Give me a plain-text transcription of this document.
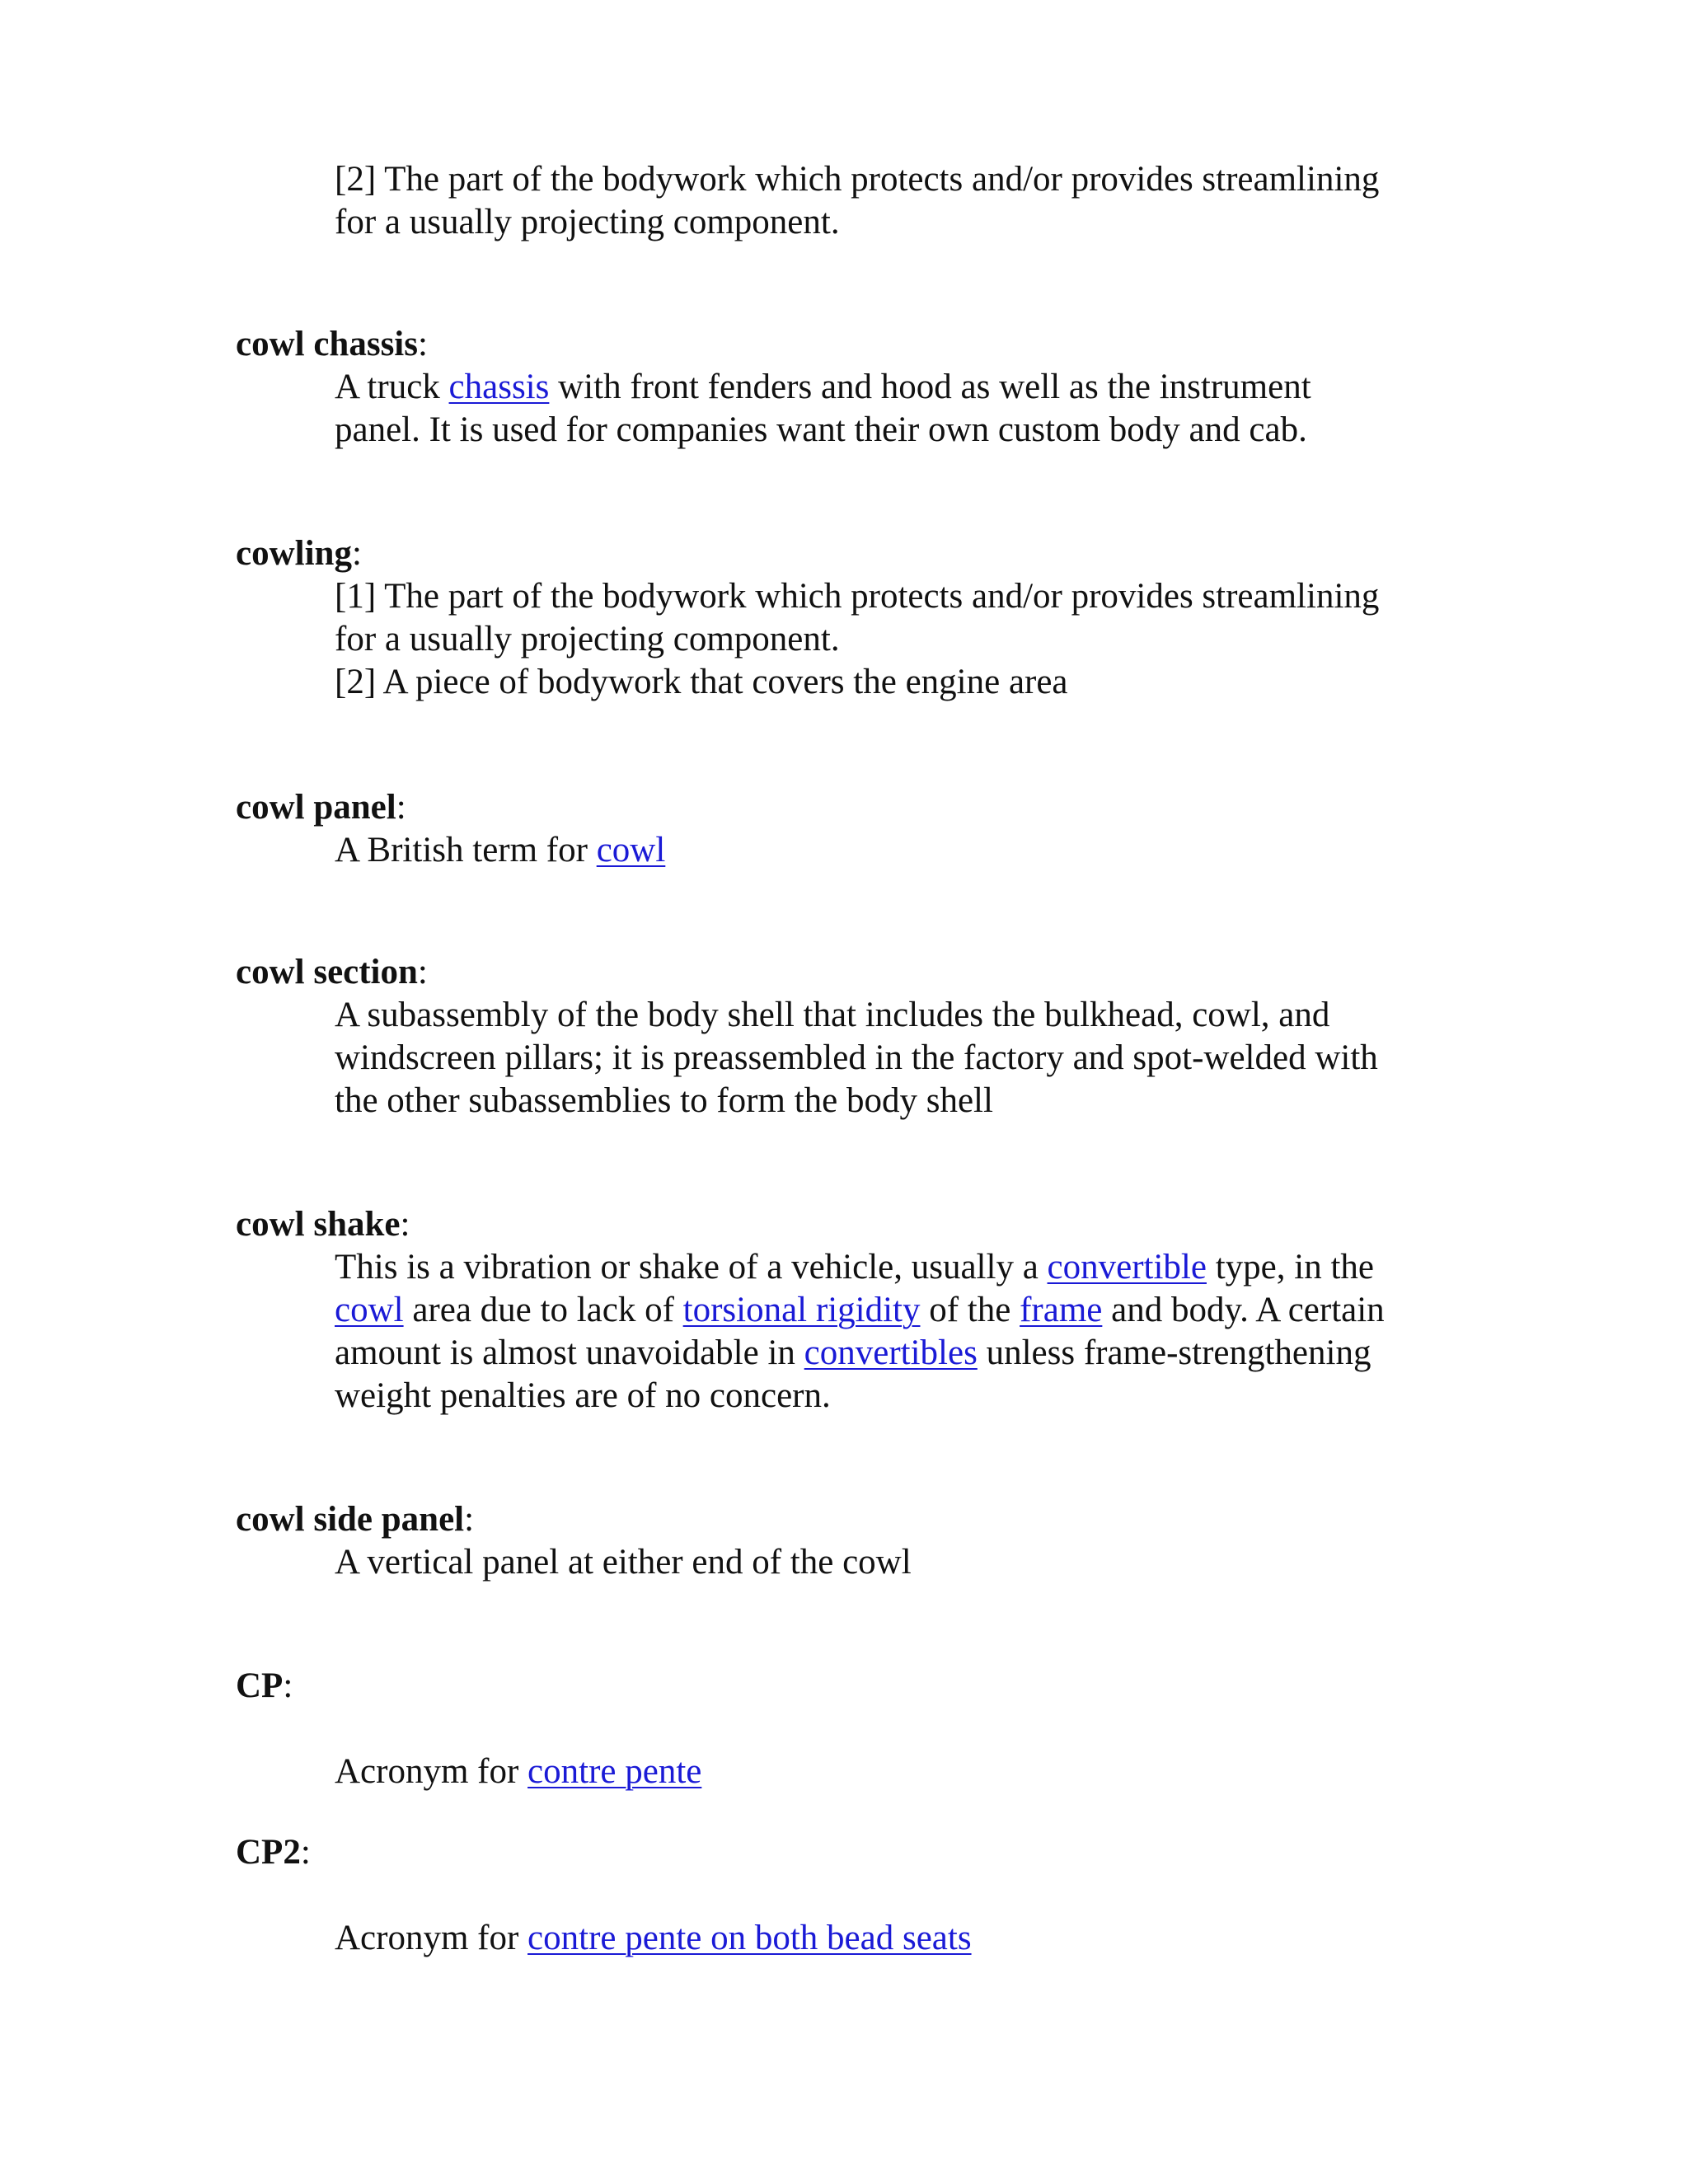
[2] The part of the bodywork which protects and/or provides streamlining
for a usually projecting component.
cowl chassis:
A truck chassis with front fenders and hood as well as the instrument
panel. It is used for companies want their own custom body and cab.
cowling:
[1] The part of the bodywork which protects and/or provides streamlining
for a usually projecting component.
[2] A piece of bodywork that covers the engine area
cowl panel:
A British term for cowl
cowl section:
A subassembly of the body shell that includes the bulkhead, cowl, and
windscreen pillars; it is preassembled in the factory and spot-welded with
the other subassemblies to form the body shell
cowl shake:
This is a vibration or shake of a vehicle, usually a convertible type, in the
cowl area due to lack of torsional rigidity of the frame and body. A certain
amount is almost unavoidable in convertibles unless frame-strengthening
weight penalties are of no concern.
cowl side panel:
A vertical panel at either end of the cowl
CP:
Acronym for contre pente
CP2:
Acronym for contre pente on both bead seats
